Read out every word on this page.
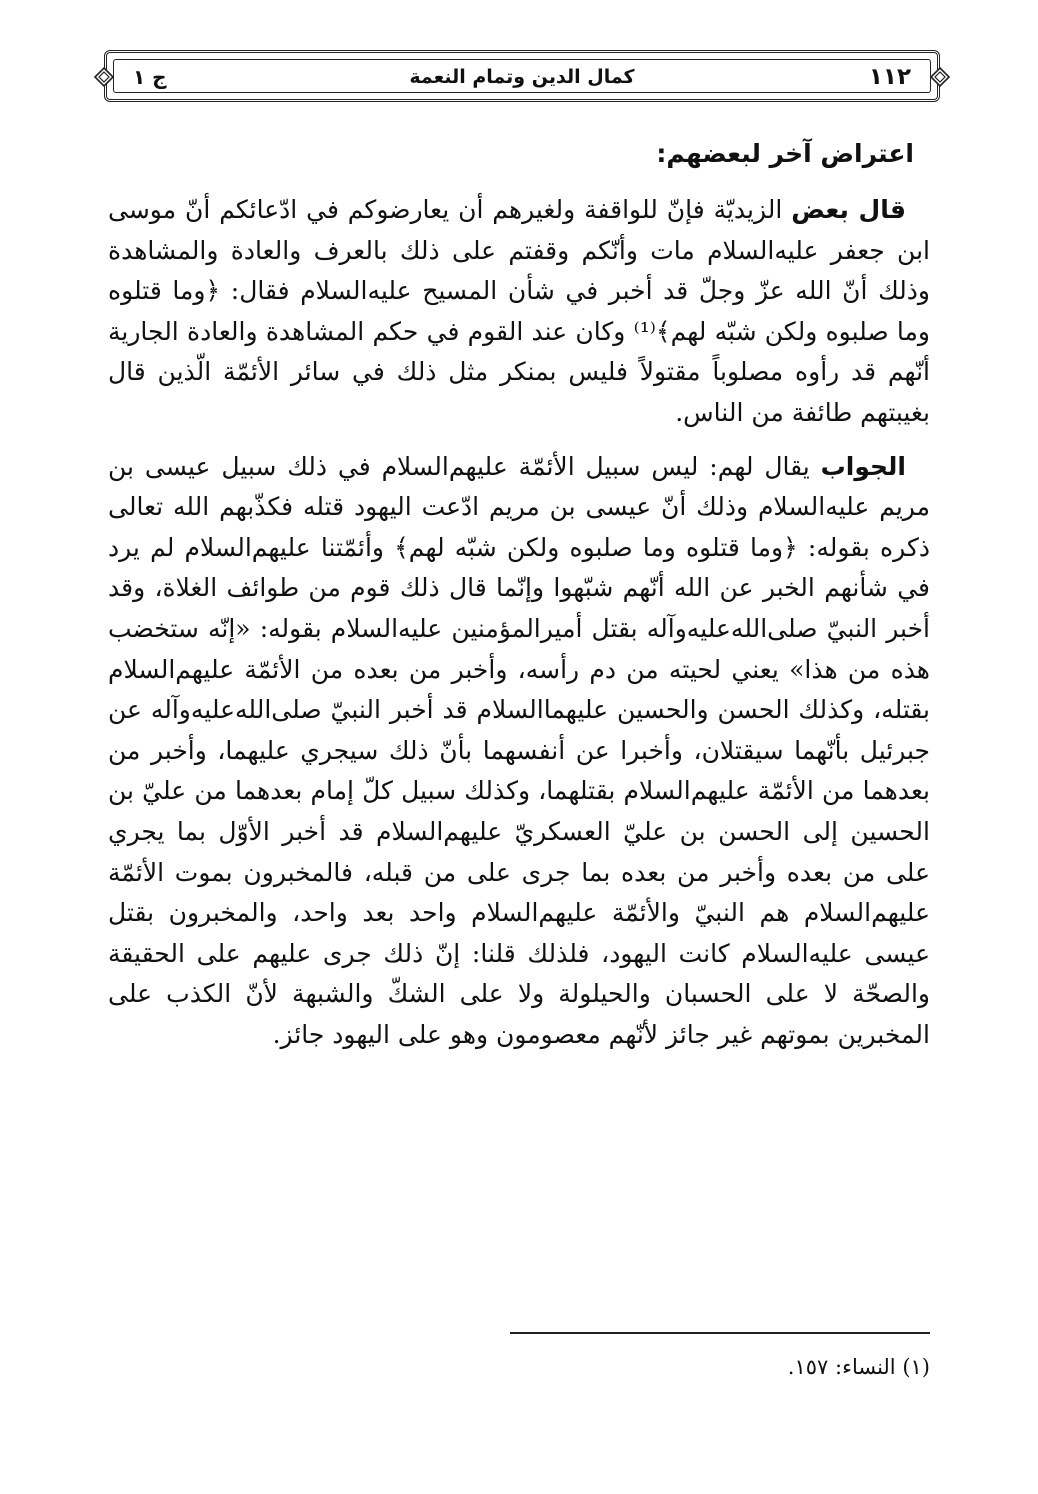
١١٢
كمال الدين وتمام النعمة
ج ١
اعتراض آخر لبعضهم:

قال بعض الزيديّة فإنّ للواقفة ولغيرهم أن يعارضوكم في ادّعائكم أنّ موسى ابن جعفر عليه‌السلام مات وأنّكم وقفتم على ذلك بالعرف والعادة والمشاهدة وذلك أنّ الله عزّ وجلّ قد أخبر في شأن المسيح عليه‌السلام فقال: ﴿وما قتلوه وما صلبوه ولكن شبّه لهم﴾⁽¹⁾ وكان عند القوم في حكم المشاهدة والعادة الجارية أنّهم قد رأوه مصلوباً مقتولاً فليس بمنكر مثل ذلك في سائر الأئمّة الّذين قال بغيبتهم طائفة من الناس.

الجواب يقال لهم: ليس سبيل الأئمّة عليهم‌السلام في ذلك سبيل عيسى بن مريم عليه‌السلام وذلك أنّ عيسى بن مريم ادّعت اليهود قتله فكذّبهم الله تعالى ذكره بقوله: ﴿وما قتلوه وما صلبوه ولكن شبّه لهم﴾ وأئمّتنا عليهم‌السلام لم يرد في شأنهم الخبر عن الله أنّهم شبّهوا وإنّما قال ذلك قوم من طوائف الغلاة، وقد أخبر النبيّ صلى‌الله‌عليه‌وآله بقتل أميرالمؤمنين عليه‌السلام بقوله: «إنّه ستخضب هذه من هذا» يعني لحيته من دم رأسه، وأخبر من بعده من الأئمّة عليهم‌السلام بقتله، وكذلك الحسن والحسين عليهما‌السلام قد أخبر النبيّ صلى‌الله‌عليه‌وآله عن جبرئيل بأنّهما سيقتلان، وأخبرا عن أنفسهما بأنّ ذلك سيجري عليهما، وأخبر من بعدهما من الأئمّة عليهم‌السلام بقتلهما، وكذلك سبيل كلّ إمام بعدهما من عليّ بن الحسين إلى الحسن بن عليّ العسكريّ عليهم‌السلام قد أخبر الأوّل بما يجري على من بعده وأخبر من بعده بما جرى على من قبله، فالمخبرون بموت الأئمّة عليهم‌السلام هم النبيّ والأئمّة عليهم‌السلام واحد بعد واحد، والمخبرون بقتل عيسى عليه‌السلام كانت اليهود، فلذلك قلنا: إنّ ذلك جرى عليهم على الحقيقة والصحّة لا على الحسبان والحيلولة ولا على الشكّ والشبهة لأنّ الكذب على المخبرين بموتهم غير جائز لأنّهم معصومون وهو على اليهود جائز.

(١) النساء: ١٥٧.
